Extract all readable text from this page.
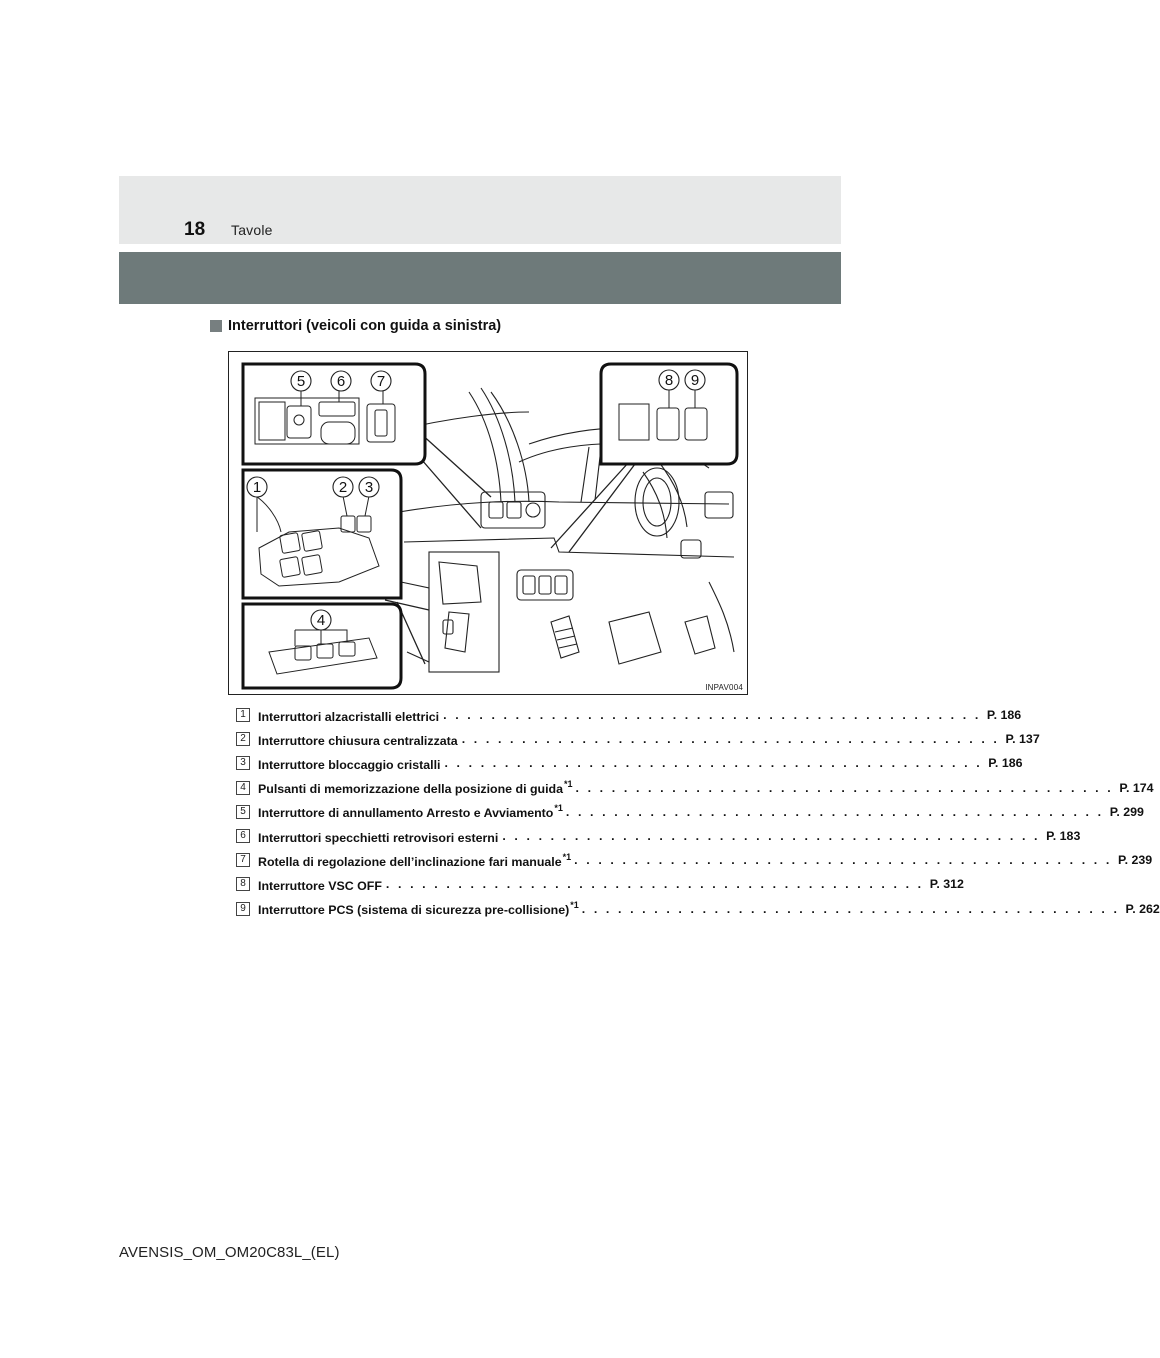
18 Tavole
Interruttori (veicoli con guida a sinistra)
5 6 7	8 9
1	2 3
4
INPAV004
1 Interruttori alzacristalli elettrici . . . . . . . . . . . . . . . . . . . . . . . . . . . . . . . . . . . . . . . . . . . . . P. 186
2 Interruttore chiusura centralizzata . . . . . . . . . . . . . . . . . . . . . . . . . . . . . . . . . . . . . . . . . . . . . P. 137
3 Interruttore bloccaggio cristalli . . . . . . . . . . . . . . . . . . . . . . . . . . . . . . . . . . . . . . . . . . . . . P. 186
4 Pulsanti di memorizzazione della posizione di guida$^{*1}$ . . . . . . . . . . . . . . . . . . . . . . . . . . . . . . . . . . . . . . . . . . . . . P. 174
5 Interruttore di annullamento Arresto e Avviamento$^{*1}$ . . . . . . . . . . . . . . . . . . . . . . . . . . . . . . . . . . . . . . . . . . . . . P. 299
6 Interruttori specchietti retrovisori esterni . . . . . . . . . . . . . . . . . . . . . . . . . . . . . . . . . . . . . . . . . . . . . P. 183
7 Rotella di regolazione dell’inclinazione fari manuale$^{*1}$ . . . . . . . . . . . . . . . . . . . . . . . . . . . . . . . . . . . . . . . . . . . . . P. 239
8 Interruttore VSC OFF . . . . . . . . . . . . . . . . . . . . . . . . . . . . . . . . . . . . . . . . . . . . . P. 312
9 Interruttore PCS (sistema di sicurezza pre-collisione)$^{*1}$ . . . . . . . . . . . . . . . . . . . . . . . . . . . . . . . . . . . . . . . . . . . . . P. 262
AVENSIS_OM_OM20C83L_(EL)
